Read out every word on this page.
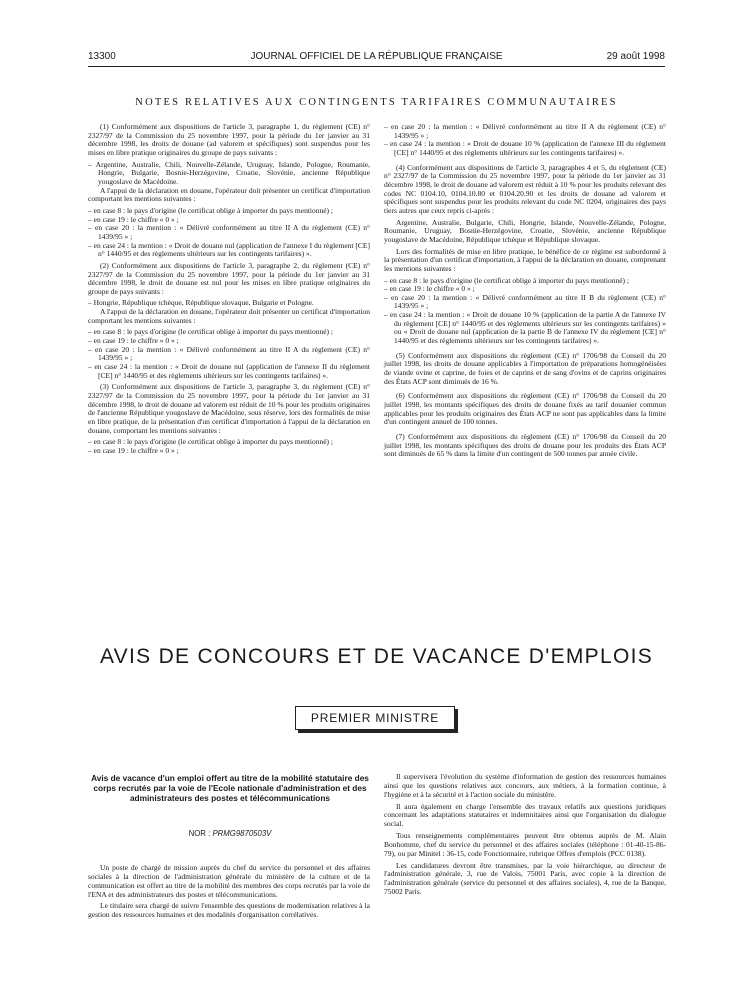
13300	JOURNAL OFFICIEL DE LA RÉPUBLIQUE FRANÇAISE	29 août 1998
NOTES RELATIVES AUX CONTINGENTS TARIFAIRES COMMUNAUTAIRES

(1) Conformément aux dispositions de l'article 3, paragraphe 1, du règlement (CE) n° 2327/97 de la Commission du 25 novembre 1997, pour la période du 1er janvier au 31 décembre 1998, les droits de douane (ad valorem et spécifiques) sont suspendus pour les mises en libre pratique originaires du groupe de pays suivants :

– Argentine, Australie, Chili, Nouvelle-Zélande, Uruguay, Islande, Pologne, Roumanie, Hongrie, Bulgarie, Bosnie-Herzégovine, Croatie, Slovénie, ancienne République yougoslave de Macédoine.

A l'appui de la déclaration en douane, l'opérateur doit présenter un certificat d'importation comportant les mentions suivantes :

– en case 8 : le pays d'origine (le certificat oblige à importer du pays mentionné) ;
– en case 19 : le chiffre « 0 » ;
– en case 20 : la mention : « Délivré conformément au titre II A du règlement (CE) n° 1439/95 » ;
– en case 24 : la mention : « Droit de douane nul (application de l'annexe I du règlement [CE] n° 1440/95 et des règlements ultérieurs sur les contingents tarifaires) ».

(2) Conformément aux dispositions de l'article 3, paragraphe 2, du règlement (CE) n° 2327/97 de la Commission du 25 novembre 1997, pour la période du 1er janvier au 31 décembre 1998, le droit de douane est nul pour les mises en libre pratique originaires du groupe de pays suivants :

– Hongrie, République tchèque, République slovaque, Bulgarie et Pologne.

A l'appui de la déclaration en douane, l'opérateur doit présenter un certificat d'importation comportant les mentions suivantes :

– en case 8 : le pays d'origine (le certificat oblige à importer du pays mentionné) ;
– en case 19 : le chiffre « 0 » ;
– en case 20 : la mention : « Délivré conformément au titre II A du règlement (CE) n° 1439/95 » ;
– en case 24 : la mention : « Droit de douane nul (application de l'annexe II du règlement [CE] n° 1440/95 et des règlements ultérieurs sur les contingents tarifaires) ».

(3) Conformément aux dispositions de l'article 3, paragraphe 3, du règlement (CE) n° 2327/97 de la Commission du 25 novembre 1997, pour la période du 1er janvier au 31 décembre 1998, le droit de douane ad valorem est réduit de 10 % pour les produits originaires de l'ancienne République yougoslave de Macédoine, sous réserve, lors des formalités de mise en libre pratique, de la présentation d'un certificat d'importation à l'appui de la déclaration en douane, comportant les mentions suivantes :

– en case 8 : le pays d'origine (le certificat oblige à importer du pays mentionné) ;
– en case 19 : le chiffre « 0 » ;
– en case 20 : la mention : « Délivré conformément au titre II A du règlement (CE) n° 1439/95 » ;
– en case 24 : la mention : « Droit de douane 10 % (application de l'annexe III du règlement [CE] n° 1440/95 et des règlements ultérieurs sur les contingents tarifaires) ».

(4) Conformément aux dispositions de l'article 3, paragraphes 4 et 5, du règlement (CE) n° 2327/97 de la Commission du 25 novembre 1997, pour la période du 1er janvier au 31 décembre 1998, le droit de douane ad valorem est réduit à 10 % pour les produits relevant des codes NC 0104.10, 0104.10.80 et 0104.20.90 et les droits de douane ad valorem et spécifiques sont suspendus pour les produits relevant du code NC 0204, originaires des pays tiers autres que ceux repris ci-après :

Argentine, Australie, Bulgarie, Chili, Hongrie, Islande, Nouvelle-Zélande, Pologne, Roumanie, Uruguay, Bosnie-Herzégovine, Croatie, Slovénie, ancienne République yougoslave de Macédoine, République tchèque et République slovaque.

Lors des formalités de mise en libre pratique, le bénéfice de ce régime est subordonné à la présentation d'un certificat d'importation, à l'appui de la déclaration en douane, comprenant les mentions suivantes :

– en case 8 : le pays d'origine (le certificat oblige à importer du pays mentionné) ;
– en case 19 : le chiffre « 0 » ;
– en case 20 : la mention : « Délivré conformément au titre II B du règlement (CE) n° 1439/95 » ;
– en case 24 : la mention : « Droit de douane 10 % (application de la partie A de l'annexe IV du règlement [CE] n° 1440/95 et des règlements ultérieurs sur les contingents tarifaires) » ou « Droit de douane nul (application de la partie B de l'annexe IV du règlement [CE] n° 1440/95 et des règlements ultérieurs sur les contingents tarifaires) ».

(5) Conformément aux dispositions du règlement (CE) n° 1706/98 du Conseil du 20 juillet 1998, les droits de douane applicables à l'importation de préparations homogénéisées de viande ovine et caprine, de foies et de caprins et de sang d'ovins et de caprins originaires des États ACP sont diminués de 16 %.

(6) Conformément aux dispositions du règlement (CE) n° 1706/98 du Conseil du 20 juillet 1998, les montants spécifiques des droits de douane fixés au tarif douanier commun applicables pour les produits originaires des États ACP ne sont pas applicables dans la limite d'un contingent annuel de 100 tonnes.

(7) Conformément aux dispositions du règlement (CE) n° 1706/98 du Conseil du 20 juillet 1998, les montants spécifiques des droits de douane pour les produits des États ACP sont diminués de 65 % dans la limite d'un contingent de 500 tonnes par année civile.

AVIS DE CONCOURS ET DE VACANCE D'EMPLOIS
PREMIER MINISTRE
Avis de vacance d'un emploi offert au titre de la mobilité statutaire des corps recrutés par la voie de l'Ecole nationale d'administration et des administrateurs des postes et télécommunications
NOR : PRMG9870503V

Un poste de chargé de mission auprès du chef du service du personnel et des affaires sociales à la direction de l'administration générale du ministère de la culture et de la communication est offert au titre de la mobilité des membres des corps recrutés par la voie de l'ENA et des administrateurs des postes et télécommunications.

Le titulaire sera chargé de suivre l'ensemble des questions de modernisation relatives à la gestion des ressources humaines et des modalités d'organisation corrélatives.

Il supervisera l'évolution du système d'information de gestion des ressources humaines ainsi que les questions relatives aux concours, aux métiers, à la formation continue, à l'hygiène et à la sécurité et à l'action sociale du ministère.

Il aura également en charge l'ensemble des travaux relatifs aux questions juridiques concernant les adaptations statutaires et indemnitaires ainsi que l'organisation du dialogue social.

Tous renseignements complémentaires peuvent être obtenus auprès de M. Alain Bonhomme, chef du service du personnel et des affaires sociales (téléphone : 01-40-15-86-79), ou par Minitel : 36-15, code Fonctionnaire, rubrique Offres d'emplois (PCC 0138).

Les candidatures devront être transmises, par la voie hiérarchique, au directeur de l'administration générale, 3, rue de Valois, 75001 Paris, avec copie à la direction de l'administration générale (service du personnel et des affaires sociales), 4, rue de la Banque, 75002 Paris.
